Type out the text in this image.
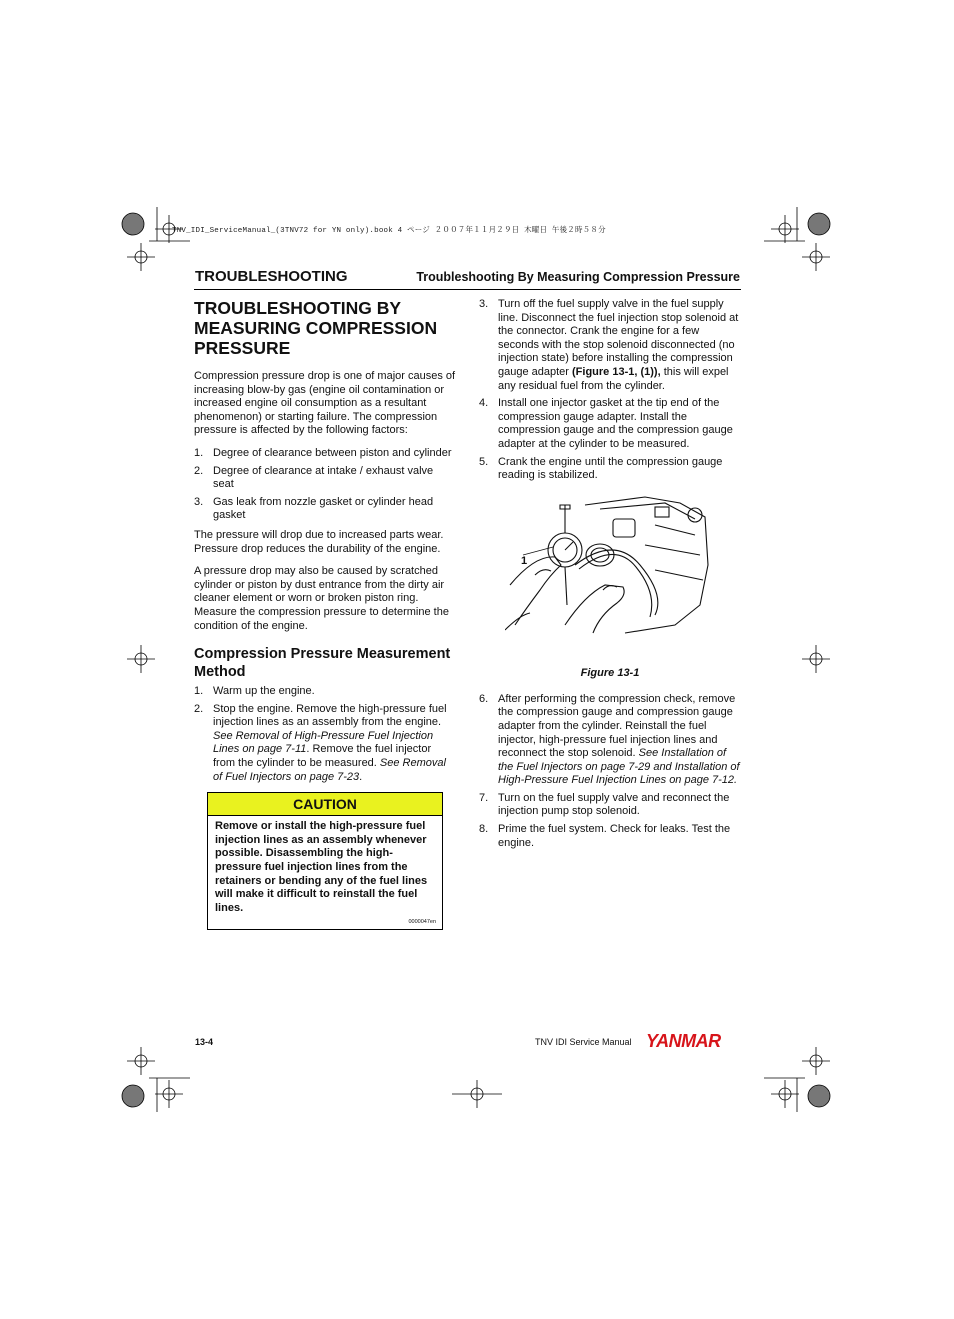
TNV_IDI_ServiceManual_(3TNV72 for YN only).book 4 ページ ２００７年１１月２９日 木曜日 午後２時５８分
TROUBLESHOOTING	Troubleshooting By Measuring Compression Pressure
TROUBLESHOOTING BY MEASURING COMPRESSION PRESSURE

Compression pressure drop is one of major causes of increasing blow-by gas (engine oil contamination or increased engine oil consumption as a resultant phenomenon) or starting failure. The compression pressure is affected by the following factors:

1. Degree of clearance between piston and cylinder
2. Degree of clearance at intake / exhaust valve seat
3. Gas leak from nozzle gasket or cylinder head gasket

The pressure will drop due to increased parts wear. Pressure drop reduces the durability of the engine.

A pressure drop may also be caused by scratched cylinder or piston by dust entrance from the dirty air cleaner element or worn or broken piston ring. Measure the compression pressure to determine the condition of the engine.

Compression Pressure Measurement Method
1. Warm up the engine.
2. Stop the engine. Remove the high-pressure fuel injection lines as an assembly from the engine. See Removal of High-Pressure Fuel Injection Lines on page 7-11. Remove the fuel injector from the cylinder to be measured. See Removal of Fuel Injectors on page 7-23.
CAUTION
Remove or install the high-pressure fuel injection lines as an assembly whenever possible. Disassembling the high-pressure fuel injection lines from the retainers or bending any of the fuel lines will make it difficult to reinstall the fuel lines.
0000047en
3. Turn off the fuel supply valve in the fuel supply line. Disconnect the fuel injection stop solenoid at the connector. Crank the engine for a few seconds with the stop solenoid disconnected (no injection state) before installing the compression gauge adapter (Figure 13-1, (1)), this will expel any residual fuel from the cylinder.
4. Install one injector gasket at the tip end of the compression gauge adapter. Install the compression gauge and the compression gauge adapter at the cylinder to be measured.
5. Crank the engine until the compression gauge reading is stabilized.
1
Figure 13-1
6. After performing the compression check, remove the compression gauge and compression gauge adapter from the cylinder. Reinstall the fuel injector, high-pressure fuel injection lines and reconnect the stop solenoid. See Installation of the Fuel Injectors on page 7-29 and Installation of High-Pressure Fuel Injection Lines on page 7-12.
7. Turn on the fuel supply valve and reconnect the injection pump stop solenoid.
8. Prime the fuel system. Check for leaks. Test the engine.
13-4	TNV IDI Service Manual YANMAR
